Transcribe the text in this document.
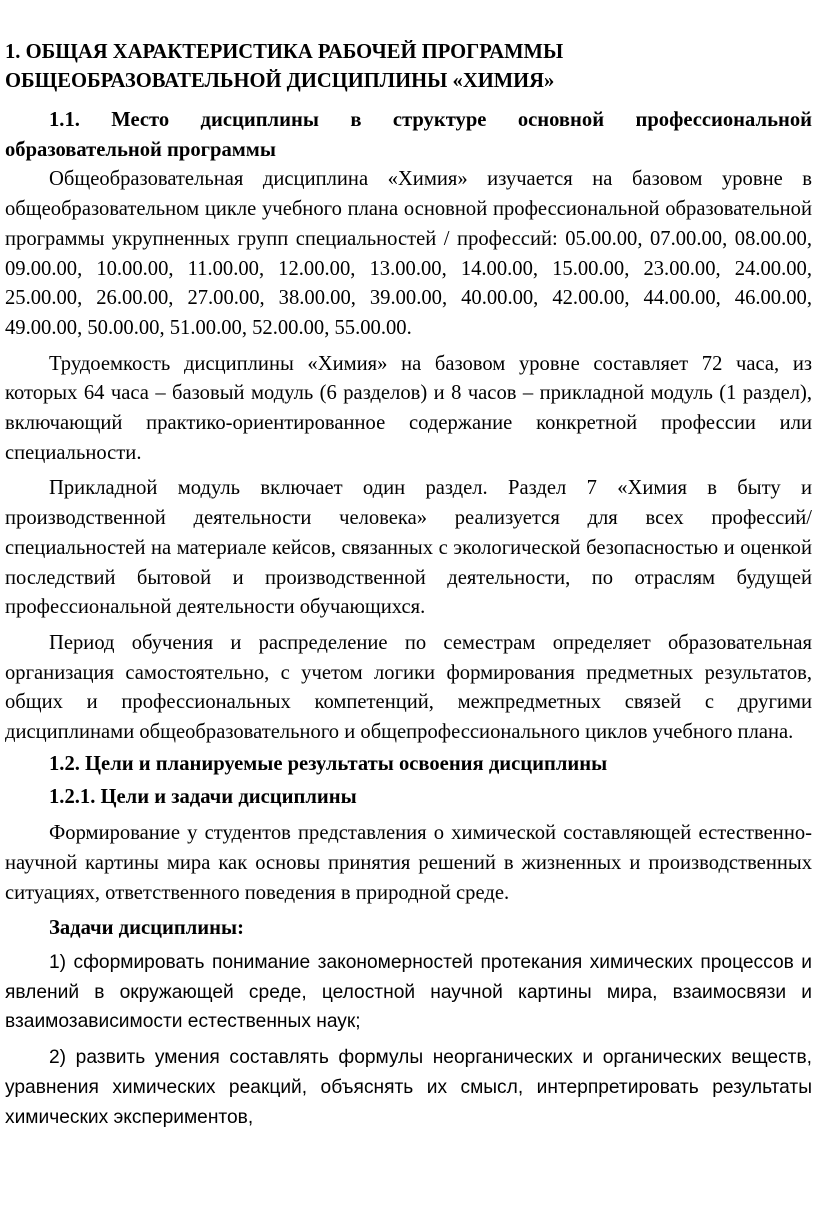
1. ОБЩАЯ ХАРАКТЕРИСТИКА РАБОЧЕЙ ПРОГРАММЫ ОБЩЕОБРАЗОВАТЕЛЬНОЙ ДИСЦИПЛИНЫ «ХИМИЯ»
1.1. Место дисциплины в структуре основной профессиональной образовательной программы
Общеобразовательная дисциплина «Химия» изучается на базовом уровне в общеобразовательном цикле учебного плана основной профессиональной образовательной программы укрупненных групп специальностей / профессий: 05.00.00, 07.00.00, 08.00.00, 09.00.00, 10.00.00, 11.00.00, 12.00.00, 13.00.00, 14.00.00, 15.00.00, 23.00.00, 24.00.00, 25.00.00, 26.00.00, 27.00.00, 38.00.00, 39.00.00, 40.00.00, 42.00.00, 44.00.00, 46.00.00, 49.00.00, 50.00.00, 51.00.00, 52.00.00, 55.00.00.
Трудоемкость дисциплины «Химия» на базовом уровне составляет 72 часа, из которых 64 часа – базовый модуль (6 разделов) и 8 часов – прикладной модуль (1 раздел), включающий практико-ориентированное содержание конкретной профессии или специальности.
Прикладной модуль включает один раздел. Раздел 7 «Химия в быту и производственной деятельности человека» реализуется для всех профессий/специальностей на материале кейсов, связанных с экологической безопасностью и оценкой последствий бытовой и производственной деятельности, по отраслям будущей профессиональной деятельности обучающихся.
Период обучения и распределение по семестрам определяет образовательная организация самостоятельно, с учетом логики формирования предметных результатов, общих и профессиональных компетенций, межпредметных связей с другими дисциплинами общеобразовательного и общепрофессионального циклов учебного плана.
1.2. Цели и планируемые результаты освоения дисциплины
1.2.1. Цели и задачи дисциплины
Формирование у студентов представления о химической составляющей естественно-научной картины мира как основы принятия решений в жизненных и производственных ситуациях, ответственного поведения в природной среде.
Задачи дисциплины:
1) сформировать понимание закономерностей протекания химических процессов и явлений в окружающей среде, целостной научной картины мира, взаимосвязи и взаимозависимости естественных наук;
2) развить умения составлять формулы неорганических и органических веществ, уравнения химических реакций, объяснять их смысл, интерпретировать результаты химических экспериментов,
